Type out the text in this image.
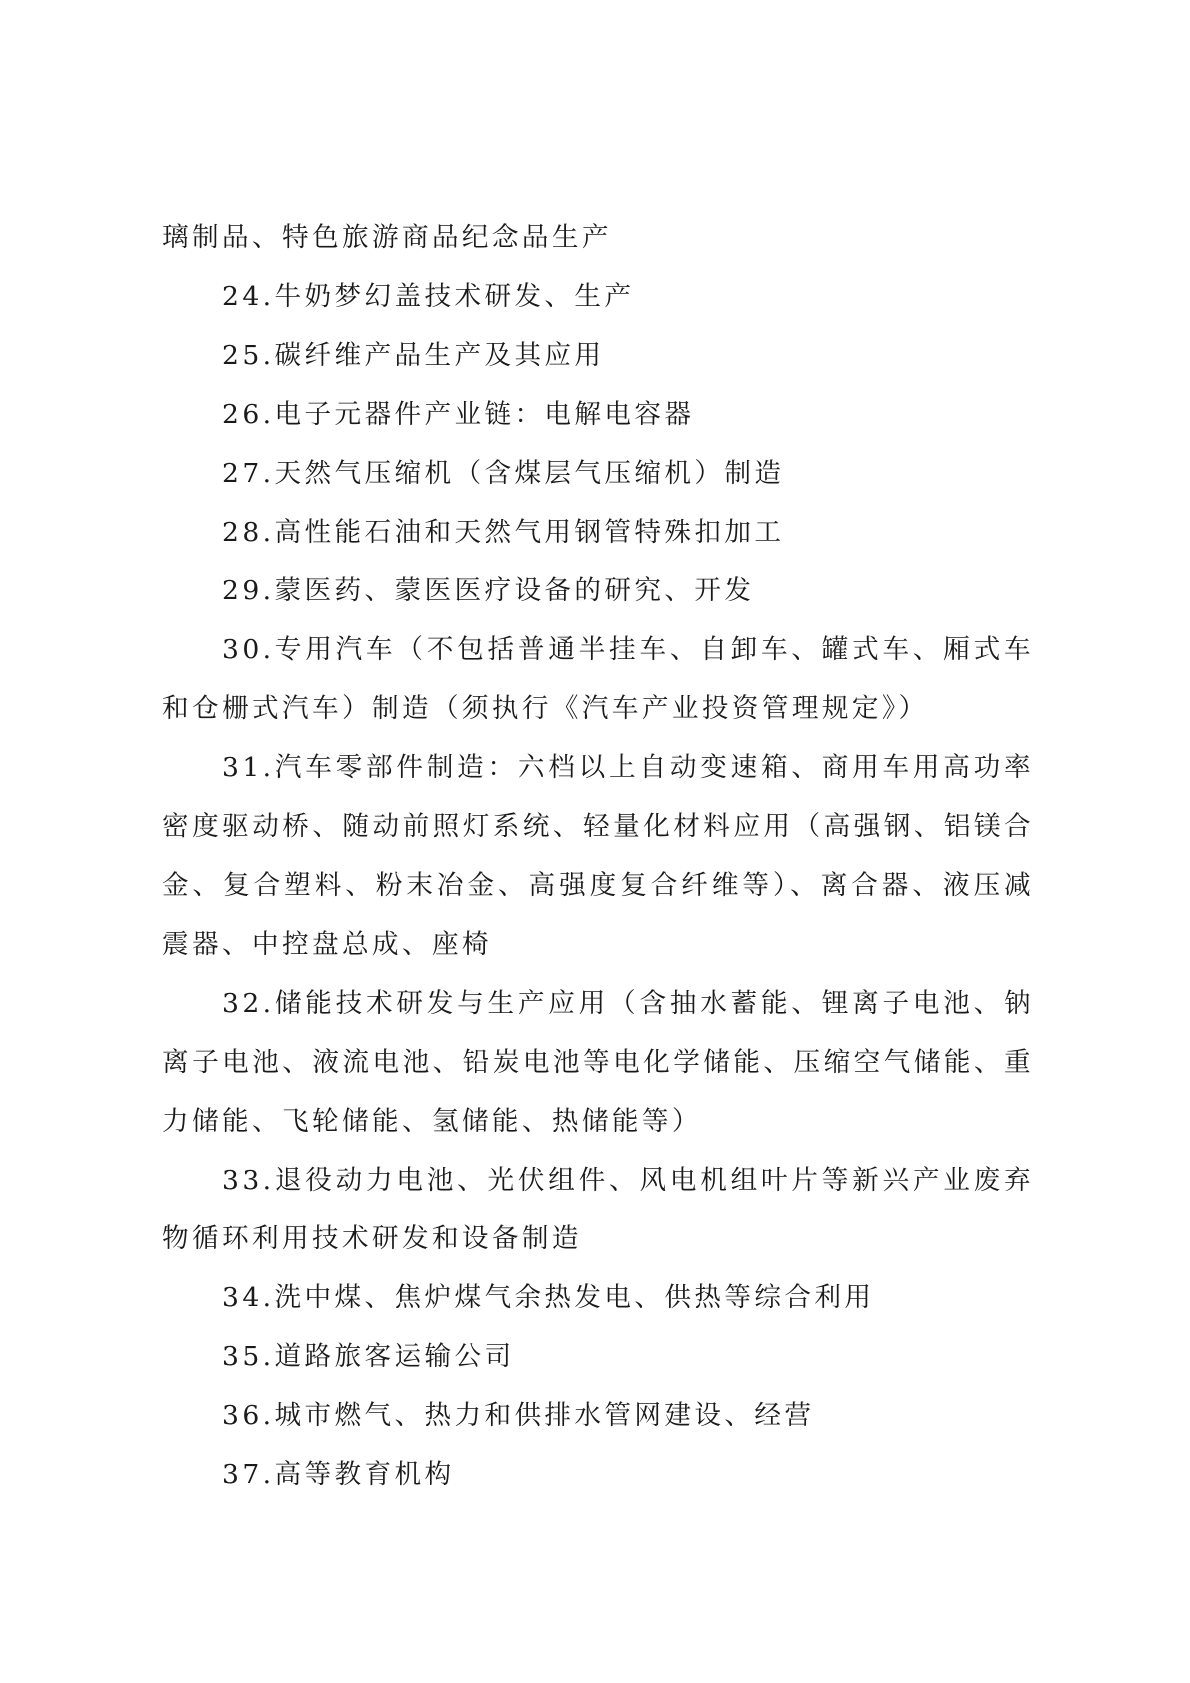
璃制品、特色旅游商品纪念品生产

24.牛奶梦幻盖技术研发、生产

25.碳纤维产品生产及其应用

26.电子元器件产业链：电解电容器

27.天然气压缩机（含煤层气压缩机）制造

28.高性能石油和天然气用钢管特殊扣加工

29.蒙医药、蒙医医疗设备的研究、开发

30.专用汽车（不包括普通半挂车、自卸车、罐式车、厢式车和仓栅式汽车）制造（须执行《汽车产业投资管理规定》）

31.汽车零部件制造：六档以上自动变速箱、商用车用高功率密度驱动桥、随动前照灯系统、轻量化材料应用（高强钢、铝镁合金、复合塑料、粉末冶金、高强度复合纤维等）、离合器、液压减震器、中控盘总成、座椅

32.储能技术研发与生产应用（含抽水蓄能、锂离子电池、钠离子电池、液流电池、铅炭电池等电化学储能、压缩空气储能、重力储能、飞轮储能、氢储能、热储能等）

33.退役动力电池、光伏组件、风电机组叶片等新兴产业废弃物循环利用技术研发和设备制造

34.洗中煤、焦炉煤气余热发电、供热等综合利用

35.道路旅客运输公司

36.城市燃气、热力和供排水管网建设、经营

37.高等教育机构
